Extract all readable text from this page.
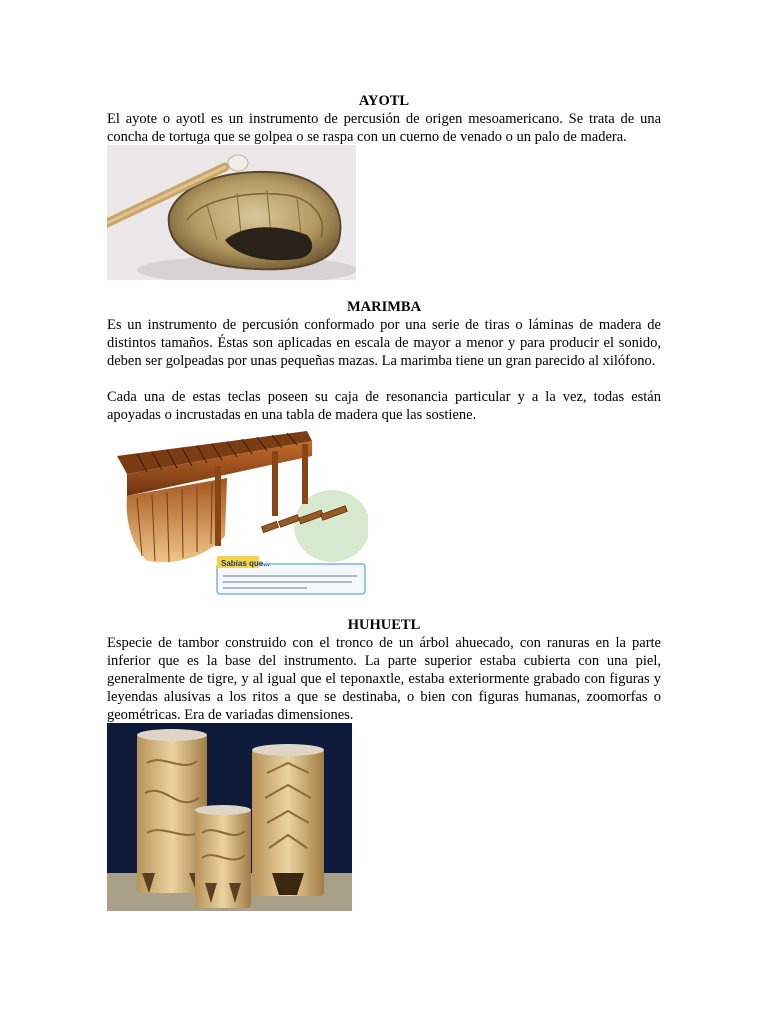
AYOTL

El ayote o ayotl es un instrumento de percusión de origen mesoamericano. Se trata de una concha de tortuga que se golpea o se raspa con un cuerno de venado o un palo de madera.

MARIMBA

Es un instrumento de percusión conformado por una serie de tiras o láminas de madera de distintos tamaños. Éstas son aplicadas en escala de mayor a menor y para producir el sonido, deben ser golpeadas por unas pequeñas mazas. La marimba tiene un gran parecido al xilófono.

Cada una de estas teclas poseen su caja de resonancia particular y a la vez, todas están apoyadas o incrustadas en una tabla de madera que las sostiene.

Sabías que...
HUHUETL

Especie de tambor construido con el tronco de un árbol ahuecado, con ranuras en la parte inferior que es la base del instrumento. La parte superior estaba cubierta con una piel, generalmente de tigre, y al igual que el teponaxtle, estaba exteriormente grabado con figuras y leyendas alusivas a los ritos a que se destinaba, o bien con figuras humanas, zoomorfas o geométricas. Era de variadas dimensiones.
